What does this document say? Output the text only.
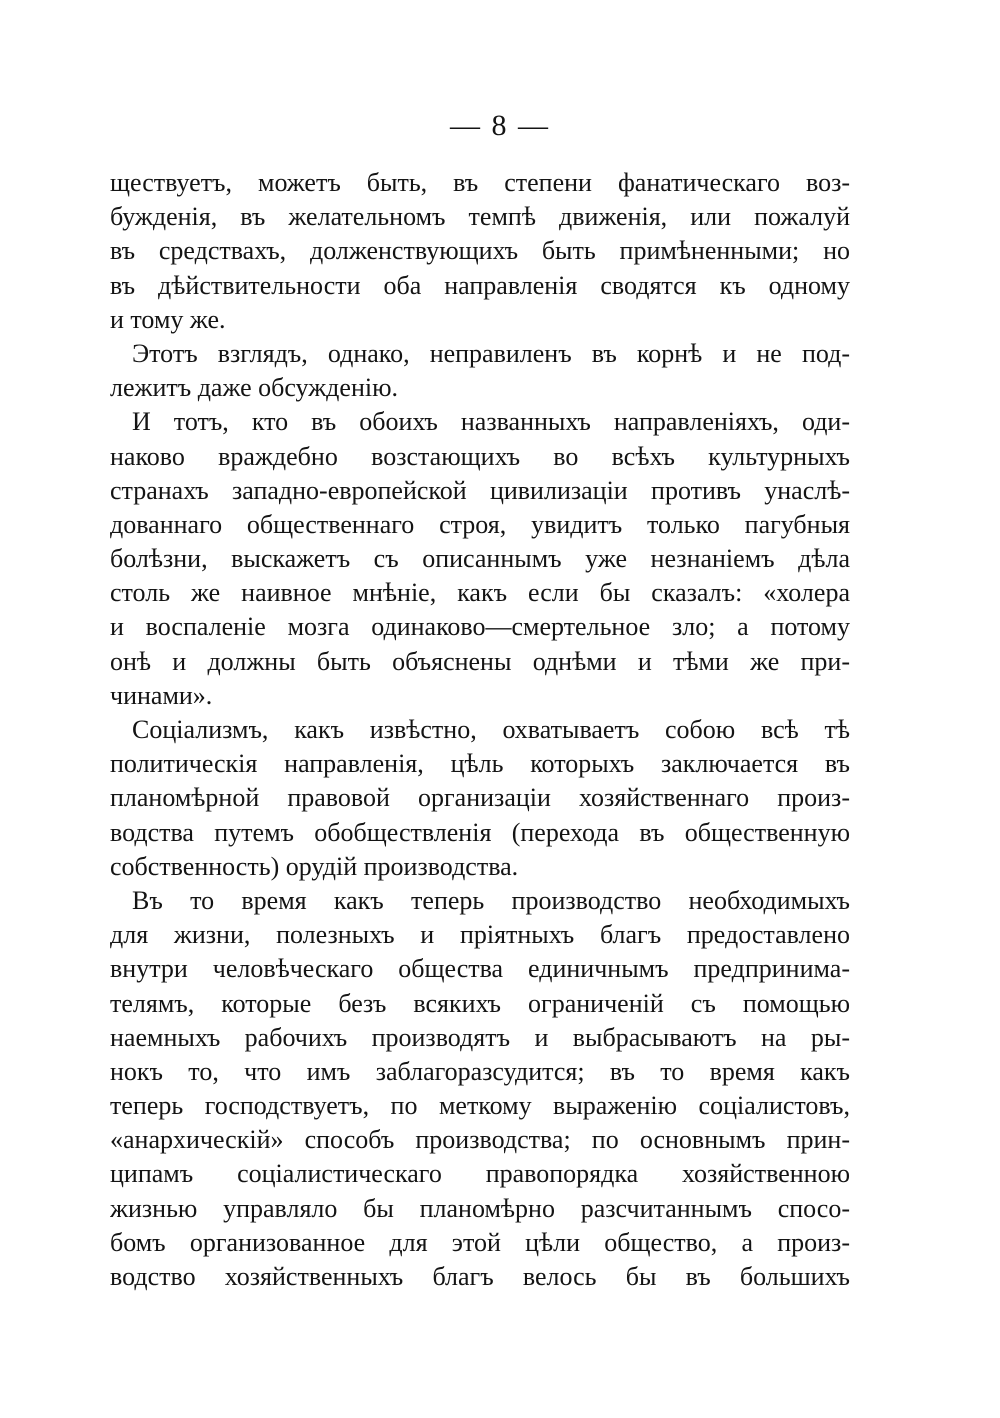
— 8 —
ществуетъ, можетъ быть, въ степени фанатическаго воз-
бужденія, въ желательномъ темпѣ движенія, или пожалуй
въ средствахъ, долженствующихъ быть примѣненными; но
въ дѣйствительности оба направленія сводятся къ одному
и тому же.
Этотъ взглядъ, однако, неправиленъ въ корнѣ и не под-
лежитъ даже обсужденію.
И тотъ, кто въ обоихъ названныхъ направленіяхъ, оди-
наково враждебно возстающихъ во всѣхъ культурныхъ
странахъ западно-европейской цивилизаціи противъ унаслѣ-
дованнаго общественнаго строя, увидитъ только пагубныя
болѣзни, выскажетъ съ описаннымъ уже незнаніемъ дѣла
столь же наивное мнѣніе, какъ если бы сказалъ: «холера
и воспаленіе мозга одинаково—смертельное зло; а потому
онѣ и должны быть объяснены однѣми и тѣми же при-
чинами».
Соціализмъ, какъ извѣстно, охватываетъ собою всѣ тѣ
политическія направленія, цѣль которыхъ заключается въ
планомѣрной правовой организаціи хозяйственнаго произ-
водства путемъ обобществленія (перехода въ общественную
собственность) орудій производства.
Въ то время какъ теперь производство необходимыхъ
для жизни, полезныхъ и пріятныхъ благъ предоставлено
внутри человѣческаго общества единичнымъ предпринима-
телямъ, которые безъ всякихъ ограниченій съ помощью
наемныхъ рабочихъ производятъ и выбрасываютъ на ры-
нокъ то, что имъ заблагоразсудится; въ то время какъ
теперь господствуетъ, по меткому выраженію соціалистовъ,
«анархическій» способъ производства; по основнымъ прин-
ципамъ соціалистическаго правопорядка хозяйственною
жизнью управляло бы планомѣрно разсчитаннымъ спосо-
бомъ организованное для этой цѣли общество, а произ-
водство хозяйственныхъ благъ велось бы въ большихъ
